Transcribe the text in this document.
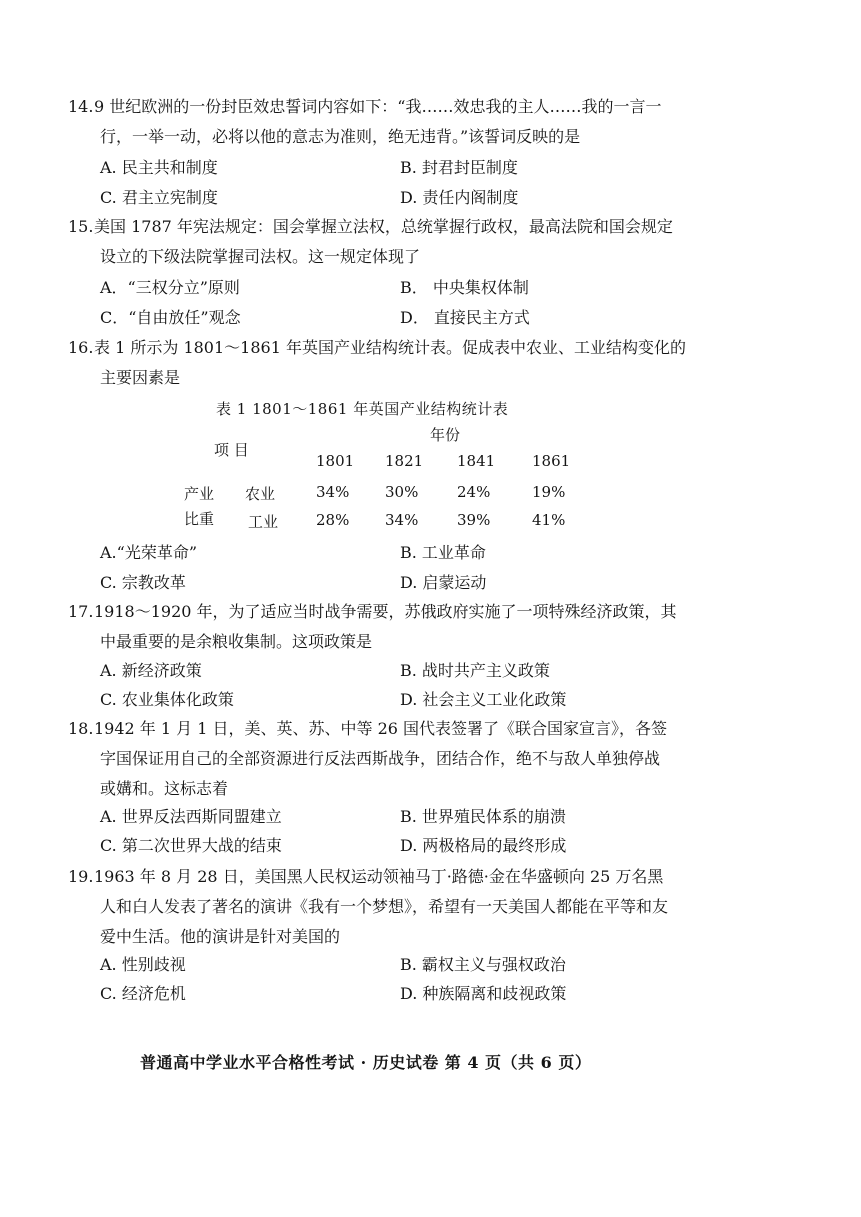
14.9 世纪欧洲的一份封臣效忠誓词内容如下：“我……效忠我的主人……我的一言一
行，一举一动，必将以他的意志为准则，绝无违背。”该誓词反映的是
A. 民主共和制度	B. 封君封臣制度
C. 君主立宪制度	D. 责任内阁制度
15.美国 1787 年宪法规定：国会掌握立法权，总统掌握行政权，最高法院和国会规定
设立的下级法院掌握司法权。这一规定体现了
A．“三权分立”原则	B． 中央集权体制
C．“自由放任”观念	D． 直接民主方式
16.表 1 所示为 1801～1861 年英国产业结构统计表。促成表中农业、工业结构变化的
主要因素是
表 1 1801～1861 年英国产业结构统计表
年份
项 目
1801 1821 1841 1861
产业 农业	34% 30%	24%	19%
比重 工业	28% 34%	39%	41%
A.“光荣革命”	B. 工业革命
C. 宗教改革	D. 启蒙运动
17.1918～1920 年，为了适应当时战争需要，苏俄政府实施了一项特殊经济政策，其
中最重要的是余粮收集制。这项政策是
A. 新经济政策	B. 战时共产主义政策
C. 农业集体化政策	D. 社会主义工业化政策
18.1942 年 1 月 1 日，美、英、苏、中等 26 国代表签署了《联合国家宣言》，各签
字国保证用自己的全部资源进行反法西斯战争，团结合作，绝不与敌人单独停战
或媾和。这标志着
A. 世界反法西斯同盟建立	B. 世界殖民体系的崩溃
C. 第二次世界大战的结束	D. 两极格局的最终形成
19.1963 年 8 月 28 日，美国黑人民权运动领袖马丁·路德·金在华盛顿向 25 万名黑
人和白人发表了著名的演讲《我有一个梦想》，希望有一天美国人都能在平等和友
爱中生活。他的演讲是针对美国的
A. 性别歧视	B. 霸权主义与强权政治
C. 经济危机	D. 种族隔离和歧视政策
普通高中学业水平合格性考试 · 历史试卷 第 4 页（共 6 页）
